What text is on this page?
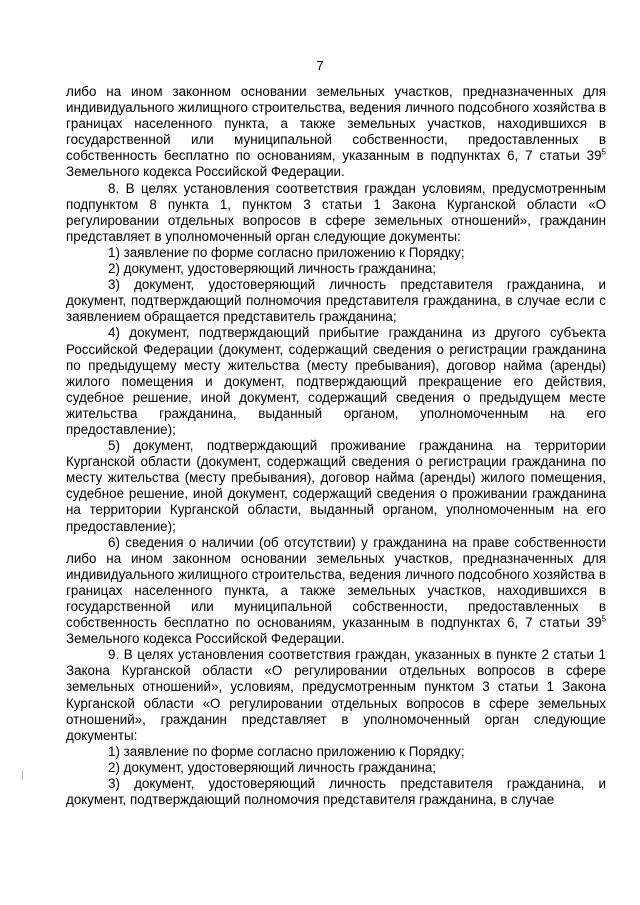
7

либо на ином законном основании земельных участков, предназначенных для индивидуального жилищного строительства, ведения личного подсобного хозяйства в границах населенного пункта, а также земельных участков, находившихся в государственной или муниципальной собственности, предоставленных в собственность бесплатно по основаниям, указанным в подпунктах 6, 7 статьи $39^5$ Земельного кодекса Российской Федерации.

8. В целях установления соответствия граждан условиям, предусмотренным подпунктом 8 пункта 1, пунктом 3 статьи 1 Закона Курганской области «О регулировании отдельных вопросов в сфере земельных отношений», гражданин представляет в уполномоченный орган следующие документы:

1) заявление по форме согласно приложению к Порядку;

2) документ, удостоверяющий личность гражданина;

3) документ, удостоверяющий личность представителя гражданина, и документ, подтверждающий полномочия представителя гражданина, в случае если с заявлением обращается представитель гражданина;

4) документ, подтверждающий прибытие гражданина из другого субъекта Российской Федерации (документ, содержащий сведения о регистрации гражданина по предыдущему месту жительства (месту пребывания), договор найма (аренды) жилого помещения и документ, подтверждающий прекращение его действия, судебное решение, иной документ, содержащий сведения о предыдущем месте жительства гражданина, выданный органом, уполномоченным на его предоставление);

5) документ, подтверждающий проживание гражданина на территории Курганской области (документ, содержащий сведения о регистрации гражданина по месту жительства (месту пребывания), договор найма (аренды) жилого помещения, судебное решение, иной документ, содержащий сведения о проживании гражданина на территории Курганской области, выданный органом, уполномоченным на его предоставление);

6) сведения о наличии (об отсутствии) у гражданина на праве собственности либо на ином законном основании земельных участков, предназначенных для индивидуального жилищного строительства, ведения личного подсобного хозяйства в границах населенного пункта, а также земельных участков, находившихся в государственной или муниципальной собственности, предоставленных в собственность бесплатно по основаниям, указанным в подпунктах 6, 7 статьи $39^5$ Земельного кодекса Российской Федерации.

9. В целях установления соответствия граждан, указанных в пункте 2 статьи 1 Закона Курганской области «О регулировании отдельных вопросов в сфере земельных отношений», условиям, предусмотренным пунктом 3 статьи 1 Закона Курганской области «О регулировании отдельных вопросов в сфере земельных отношений», гражданин представляет в уполномоченный орган следующие документы:

1) заявление по форме согласно приложению к Порядку;

2) документ, удостоверяющий личность гражданина;

3) документ, удостоверяющий личность представителя гражданина, и документ, подтверждающий полномочия представителя гражданина, в случае
